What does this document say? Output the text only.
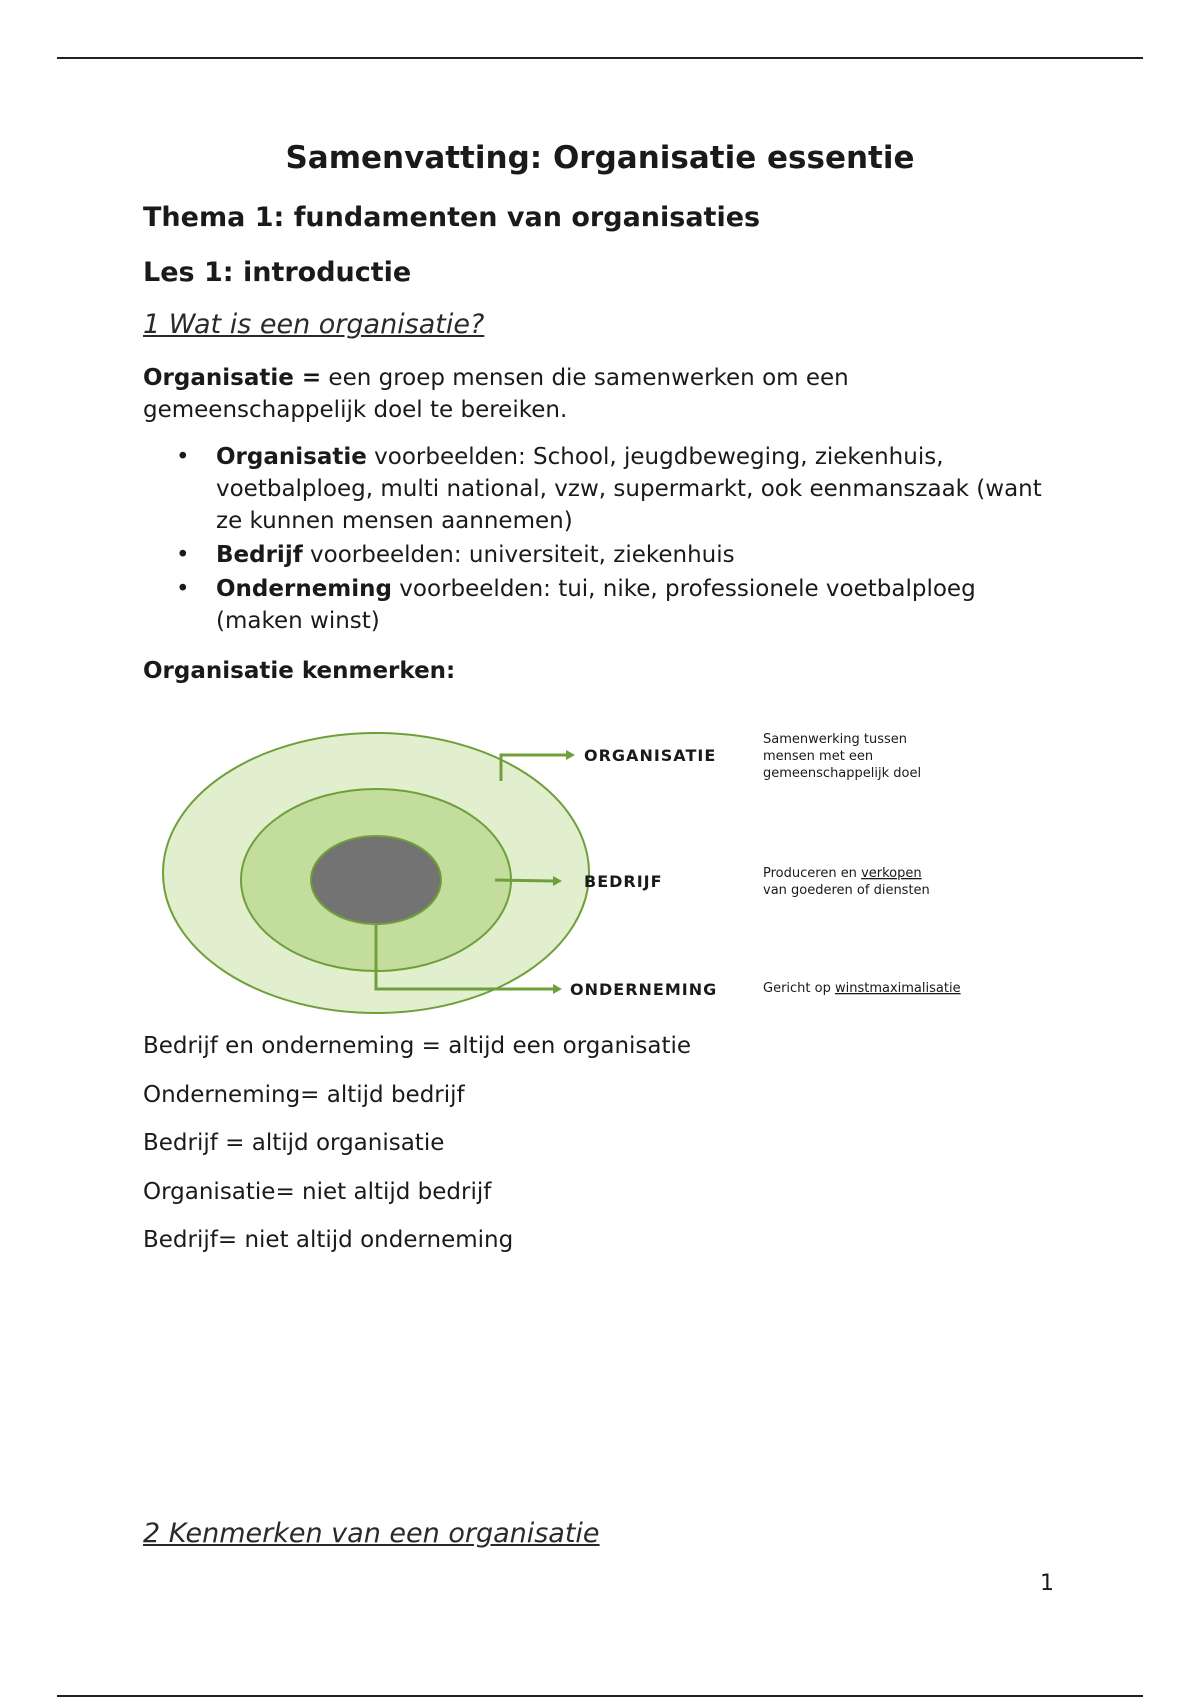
Samenvatting: Organisatie essentie
Thema 1: fundamenten van organisaties
Les 1: introductie
1 Wat is een organisatie?

Organisatie = een groep mensen die samenwerken om een gemeenschappelijk doel te bereiken.

• Organisatie voorbeelden: School, jeugdbeweging, ziekenhuis, voetbalploeg, multi national, vzw, supermarkt, ook eenmanszaak (want ze kunnen mensen aannemen)
• Bedrijf voorbeelden: universiteit, ziekenhuis
• Onderneming voorbeelden: tui, nike, professionele voetbalploeg (maken winst)

Organisatie kenmerken:

ORGANISATIE
BEDRIJF
ONDERNEMING
Samenwerking tussen
mensen met een
gemeenschappelijk doel
Produceren en verkopen
van goederen of diensten
Gericht op winstmaximalisatie

Bedrijf en onderneming = altijd een organisatie

Onderneming= altijd bedrijf

Bedrijf = altijd organisatie

Organisatie= niet altijd bedrijf

Bedrijf= niet altijd onderneming

2 Kenmerken van een organisatie
1
